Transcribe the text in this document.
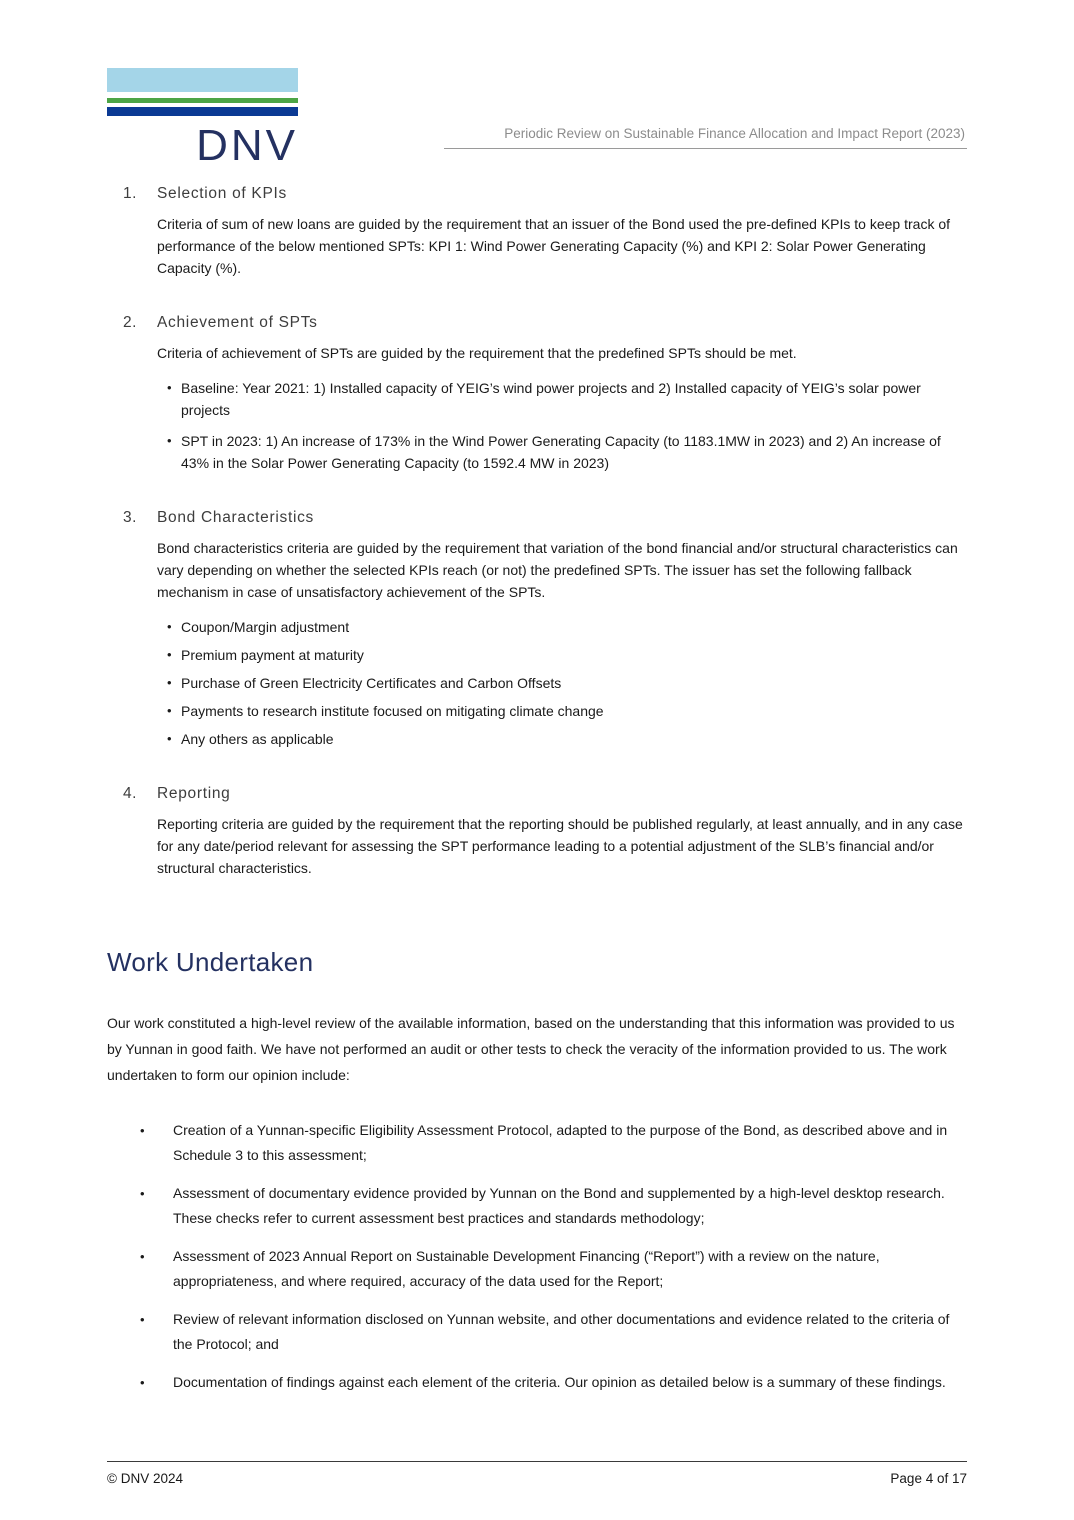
DNV	Periodic Review on Sustainable Finance Allocation and Impact Report (2023)
1.	Selection of KPIs

Criteria of sum of new loans are guided by the requirement that an issuer of the Bond used the pre-defined KPIs to keep track of performance of the below mentioned SPTs: KPI 1: Wind Power Generating Capacity (%) and KPI 2: Solar Power Generating Capacity (%).

2.	Achievement of SPTs

Criteria of achievement of SPTs are guided by the requirement that the predefined SPTs should be met.

• Baseline: Year 2021: 1) Installed capacity of YEIG’s wind power projects and 2) Installed capacity of YEIG’s solar power projects
• SPT in 2023: 1) An increase of 173% in the Wind Power Generating Capacity (to 1183.1MW in 2023) and 2) An increase of 43% in the Solar Power Generating Capacity (to 1592.4 MW in 2023)
3.	Bond Characteristics

Bond characteristics criteria are guided by the requirement that variation of the bond financial and/or structural characteristics can vary depending on whether the selected KPIs reach (or not) the predefined SPTs. The issuer has set the following fallback mechanism in case of unsatisfactory achievement of the SPTs.

• Coupon/Margin adjustment
• Premium payment at maturity
• Purchase of Green Electricity Certificates and Carbon Offsets
• Payments to research institute focused on mitigating climate change
• Any others as applicable
4.	Reporting

Reporting criteria are guided by the requirement that the reporting should be published regularly, at least annually, and in any case for any date/period relevant for assessing the SPT performance leading to a potential adjustment of the SLB’s financial and/or structural characteristics.

Work Undertaken

Our work constituted a high-level review of the available information, based on the understanding that this information was provided to us by Yunnan in good faith. We have not performed an audit or other tests to check the veracity of the information provided to us. The work undertaken to form our opinion include:

• Creation of a Yunnan-specific Eligibility Assessment Protocol, adapted to the purpose of the Bond, as described above and in Schedule 3 to this assessment;
• Assessment of documentary evidence provided by Yunnan on the Bond and supplemented by a high-level desktop research. These checks refer to current assessment best practices and standards methodology;
• Assessment of 2023 Annual Report on Sustainable Development Financing (“Report”) with a review on the nature, appropriateness, and where required, accuracy of the data used for the Report;
• Review of relevant information disclosed on Yunnan website, and other documentations and evidence related to the criteria of the Protocol; and
• Documentation of findings against each element of the criteria. Our opinion as detailed below is a summary of these findings.
© DNV 2024	Page 4 of 17
